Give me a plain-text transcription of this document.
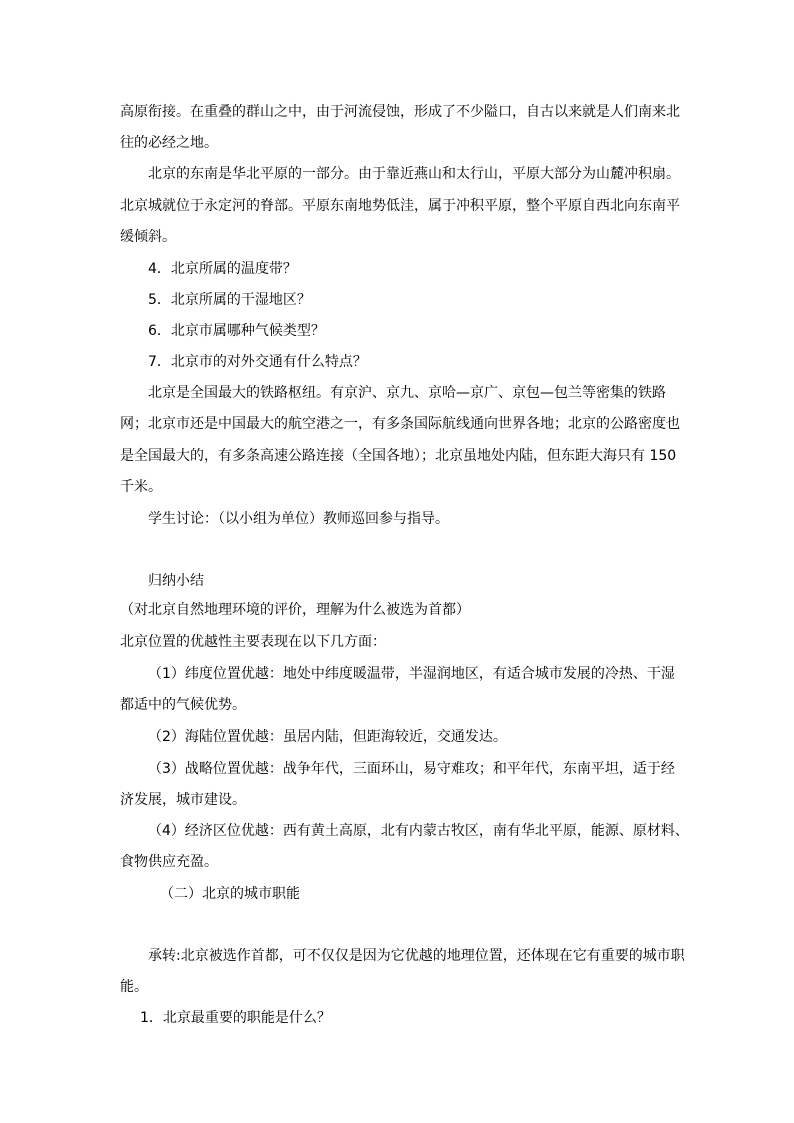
高原衔接。在重叠的群山之中，由于河流侵蚀，形成了不少隘口，自古以来就是人们南来北
往的必经之地。
北京的东南是华北平原的一部分。由于靠近燕山和太行山，平原大部分为山麓冲积扇。
北京城就位于永定河的脊部。平原东南地势低洼，属于冲积平原，整个平原自西北向东南平
缓倾斜。
4．北京所属的温度带？
5．北京所属的干湿地区？
6．北京市属哪种气候类型？
7．北京市的对外交通有什么特点？
北京是全国最大的铁路枢纽。有京沪、京九、京哈—京广、京包—包兰等密集的铁路
网；北京市还是中国最大的航空港之一，有多条国际航线通向世界各地；北京的公路密度也
是全国最大的，有多条高速公路连接（全国各地）；北京虽地处内陆，但东距大海只有 150
千米。
学生讨论：（以小组为单位）教师巡回参与指导。
归纳小结
（对北京自然地理环境的评价，理解为什么被选为首都）
北京位置的优越性主要表现在以下几方面：
（1）纬度位置优越：地处中纬度暖温带，半湿润地区，有适合城市发展的冷热、干湿
都适中的气候优势。
（2）海陆位置优越：虽居内陆，但距海较近，交通发达。
（3）战略位置优越：战争年代，三面环山，易守难攻；和平年代，东南平坦，适于经
济发展，城市建设。
（4）经济区位优越：西有黄土高原，北有内蒙古牧区，南有华北平原，能源、原材料、
食物供应充盈。
（二）北京的城市职能
承转:北京被选作首都，可不仅仅是因为它优越的地理位置，还体现在它有重要的城市职
能。
1．北京最重要的职能是什么？
